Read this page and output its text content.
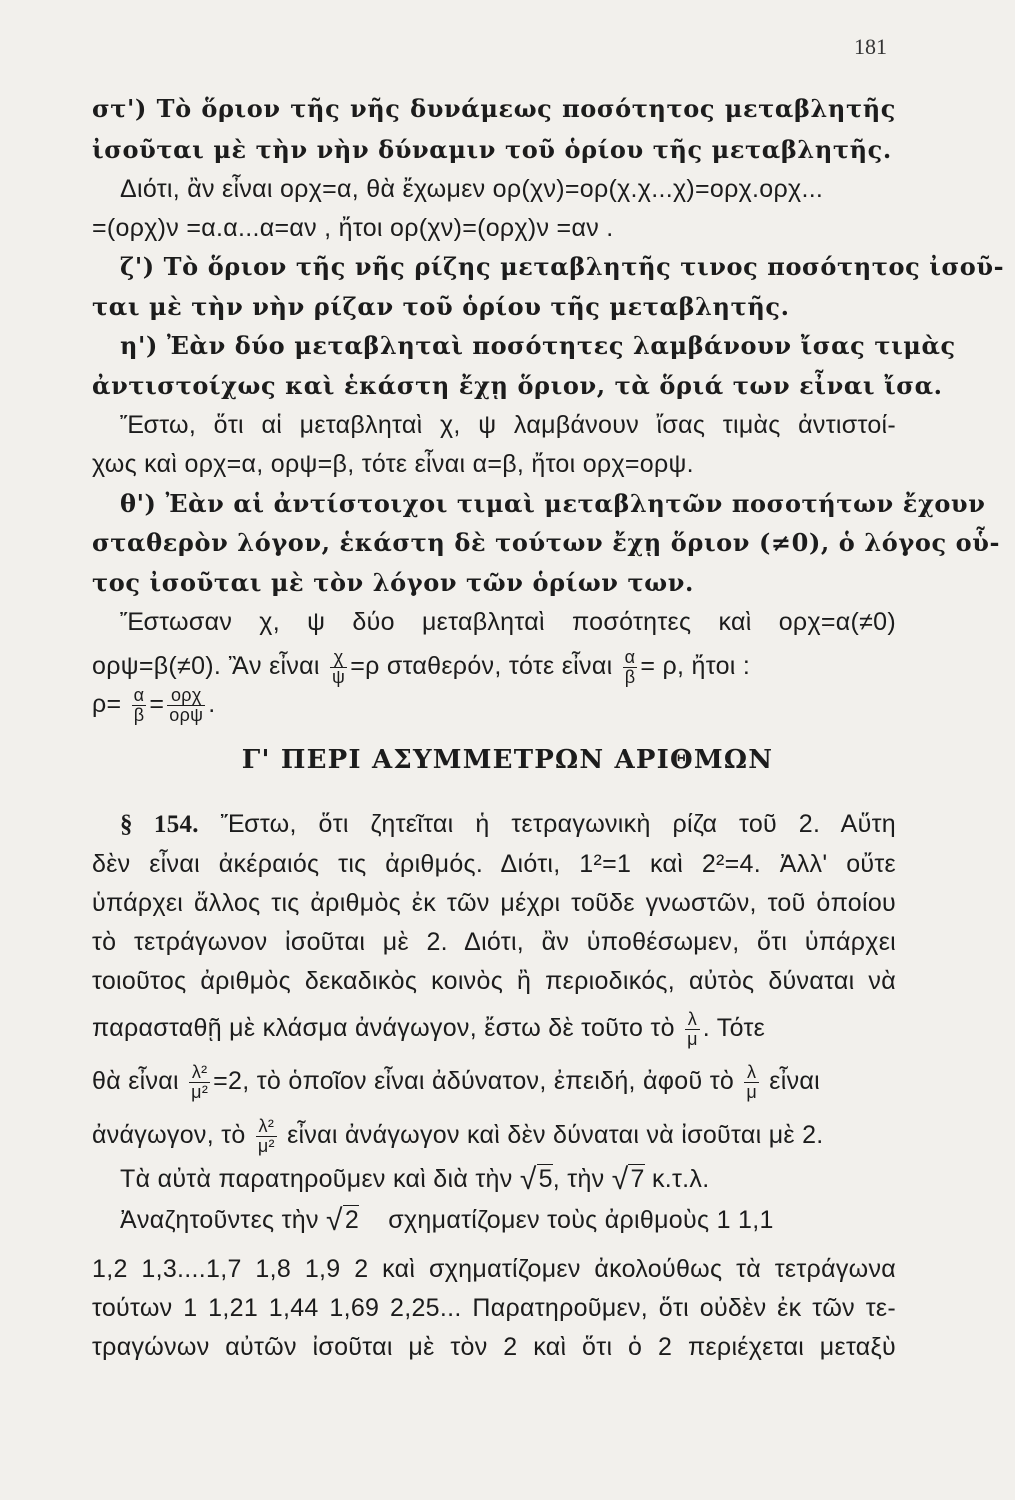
181
στ') Τὸ ὅριον τῆς νῆς δυνάμεως ποσότητος μεταβλητῆς
ἰσοῦται μὲ τὴν νὴν δύναμιν τοῦ ὁρίου τῆς μεταβλητῆς.
Διότι, ἂν εἶναι ορχ=α, θὰ ἔχωμεν ορ(χν)=ορ(χ.χ...χ)=ορχ.ορχ...
=(ορχ)ν =α.α...α=αν , ἤτοι ορ(χν)=(ορχ)ν =αν .
ζ') Τὸ ὅριον τῆς νῆς ρίζης μεταβλητῆς τινος ποσότητος ἰσοῦ-
ται μὲ τὴν νὴν ρίζαν τοῦ ὁρίου τῆς μεταβλητῆς.
η') Ἐὰν δύο μεταβληταὶ ποσότητες λαμβάνουν ἴσας τιμὰς
ἀντιστοίχως καὶ ἑκάστη ἔχῃ ὅριον, τὰ ὅριά των εἶναι ἴσα.
Ἔστω, ὅτι αἱ μεταβληταὶ χ, ψ λαμβάνουν ἴσας τιμὰς ἀντιστοί-
χως καὶ ορχ=α, ορψ=β, τότε εἶναι α=β, ἤτοι ορχ=ορψ.
θ') Ἐὰν αἱ ἀντίστοιχοι τιμαὶ μεταβλητῶν ποσοτήτων ἔχουν
σταθερὸν λόγον, ἑκάστη δὲ τούτων ἔχῃ ὅριον (≠0), ὁ λόγος οὗ-
τος ἰσοῦται μὲ τὸν λόγον τῶν ὁρίων των.
Ἔστωσαν χ, ψ δύο μεταβληταὶ ποσότητες καὶ ορχ=α(≠0)
ορψ=β(≠0). Ἂν εἶναι $\frac{\chi}{\psi} =\rho$ σταθερόν, τότε εἶναι $\frac{\alpha}{\beta} = \rho$, ἤτοι :
$\rho= \frac{\alpha}{\beta} = \frac{\text{ορχ}}{\text{ορψ}}$ .
Γ' ΠΕΡΙ ΑΣΥΜΜΕΤΡΩΝ ΑΡΙΘΜΩΝ
§ 154. Ἔστω, ὅτι ζητεῖται ἡ τετραγωνικὴ ρίζα τοῦ 2. Αὕτη
δὲν εἶναι ἀκέραιός τις ἀριθμός. Διότι, 1²=1 καὶ 2²=4. Ἀλλ' οὔτε
ὑπάρχει ἄλλος τις ἀριθμὸς ἐκ τῶν μέχρι τοῦδε γνωστῶν, τοῦ ὁποίου
τὸ τετράγωνον ἰσοῦται μὲ 2. Διότι, ἂν ὑποθέσωμεν, ὅτι ὑπάρχει
τοιοῦτος ἀριθμὸς δεκαδικὸς κοινὸς ἢ περιοδικός, αὐτὸς δύναται νὰ
παρασταθῇ μὲ κλάσμα ἀνάγωγον, ἔστω δὲ τοῦτο τὸ $\frac{\lambda}{\mu}$ . Τότε
θὰ εἶναι $\frac{\text{λ²}}{\text{μ²}} =2$, τὸ ὁποῖον εἶναι ἀδύνατον, ἐπειδή, ἀφοῦ τὸ $\frac{\lambda}{\mu}$ εἶναι
ἀνάγωγον, τὸ $\frac{\text{λ²}}{\text{μ²}}$ εἶναι ἀνάγωγον καὶ δὲν δύναται νὰ ἰσοῦται μὲ 2.
Τὰ αὐτὰ παρατηροῦμεν καὶ διὰ τὴν √5, τὴν √7 κ.τ.λ.
Ἀναζητοῦντες τὴν √2 σχηματίζομεν τοὺς ἀριθμοὺς 1 1,1
1,2 1,3....1,7 1,8 1,9 2 καὶ σχηματίζομεν ἀκολούθως τὰ τετράγωνα
τούτων 1 1,21 1,44 1,69 2,25... Παρατηροῦμεν, ὅτι οὐδὲν ἐκ τῶν τε-
τραγώνων αὐτῶν ἰσοῦται μὲ τὸν 2 καὶ ὅτι ὁ 2 περιέχεται μεταξὺ
